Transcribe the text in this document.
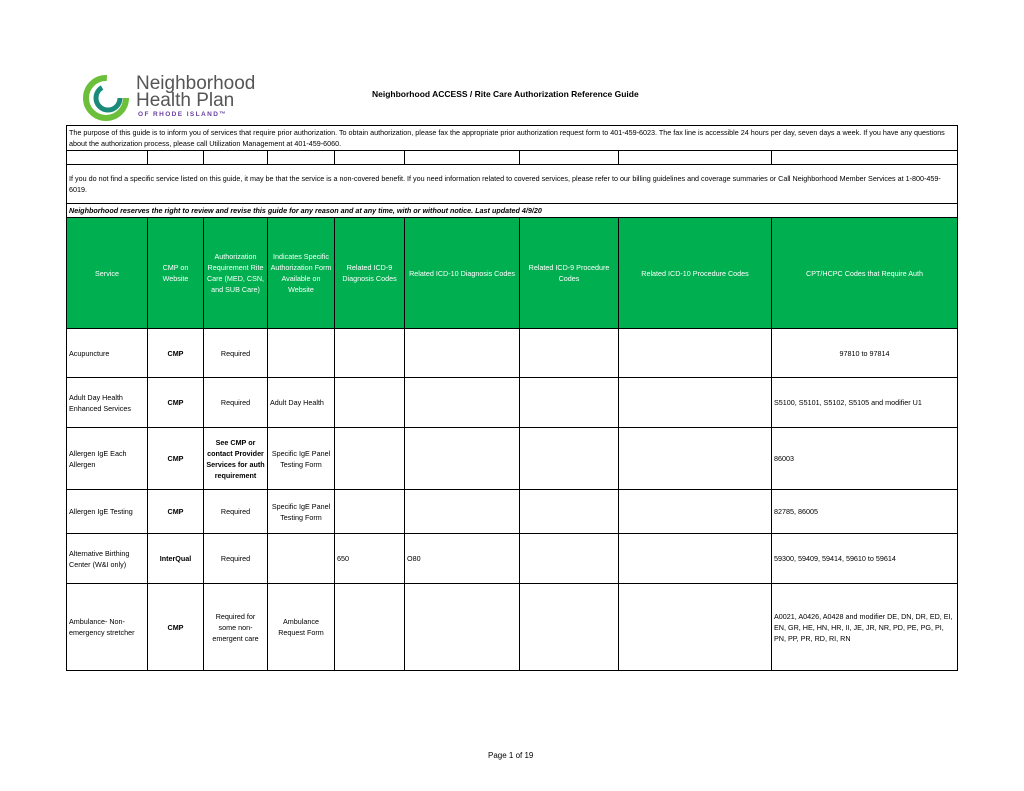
Neighborhood
Health Plan
OF RHODE ISLAND™
Neighborhood ACCESS / Rite Care Authorization Reference Guide
The purpose of this guide is to inform you of services that require prior authorization. To obtain authorization, please fax the appropriate prior authorization request form to 401-459-6023. The fax line is accessible 24 hours per day, seven days a week. If you have any questions about the authorization process, please call Utilization Management at 401-459-6060.								

If you do not find a specific service listed on this guide, it may be that the service is a non-covered benefit. If you need information related to covered services, please refer to our billing guidelines and coverage summaries or Call Neighborhood Member Services at 1-800-459-6019.								
Neighborhood reserves the right to review and revise this guide for any reason and at any time, with or without notice. Last updated 4/9/20								
Service	CMP on Website	Authorization Requirement Rite Care (MED, CSN, and SUB Care)	Indicates Specific Authorization Form Available on Website	Related ICD-9 Diagnosis Codes	Related ICD-10 Diagnosis Codes	Related ICD-9 Procedure Codes	Related ICD-10 Procedure Codes	CPT/HCPC Codes that Require Auth
Acupuncture	CMP	Required						97810 to 97814
Adult Day Health Enhanced Services	CMP	Required	Adult Day Health					S5100, S5101, S5102, S5105 and modifier U1
Allergen IgE Each Allergen	CMP	See CMP or contact Provider Services for auth requirement	Specific IgE Panel Testing Form					86003
Allergen IgE Testing	CMP	Required	Specific IgE Panel Testing Form					82785, 86005
Alternative Birthing Center (W&I only)	InterQual	Required		650	O80			59300, 59409, 59414, 59610 to 59614
Ambulance- Non-emergency stretcher	CMP	Required for some non-emergent care	Ambulance Request Form					A0021, A0426, A0428 and modifier DE, DN, DR, ED, EI, EN, GR, HE, HN, HR, II, JE, JR, NR, PD, PE, PG, PI, PN, PP, PR, RD, RI, RN
Page 1 of 19
